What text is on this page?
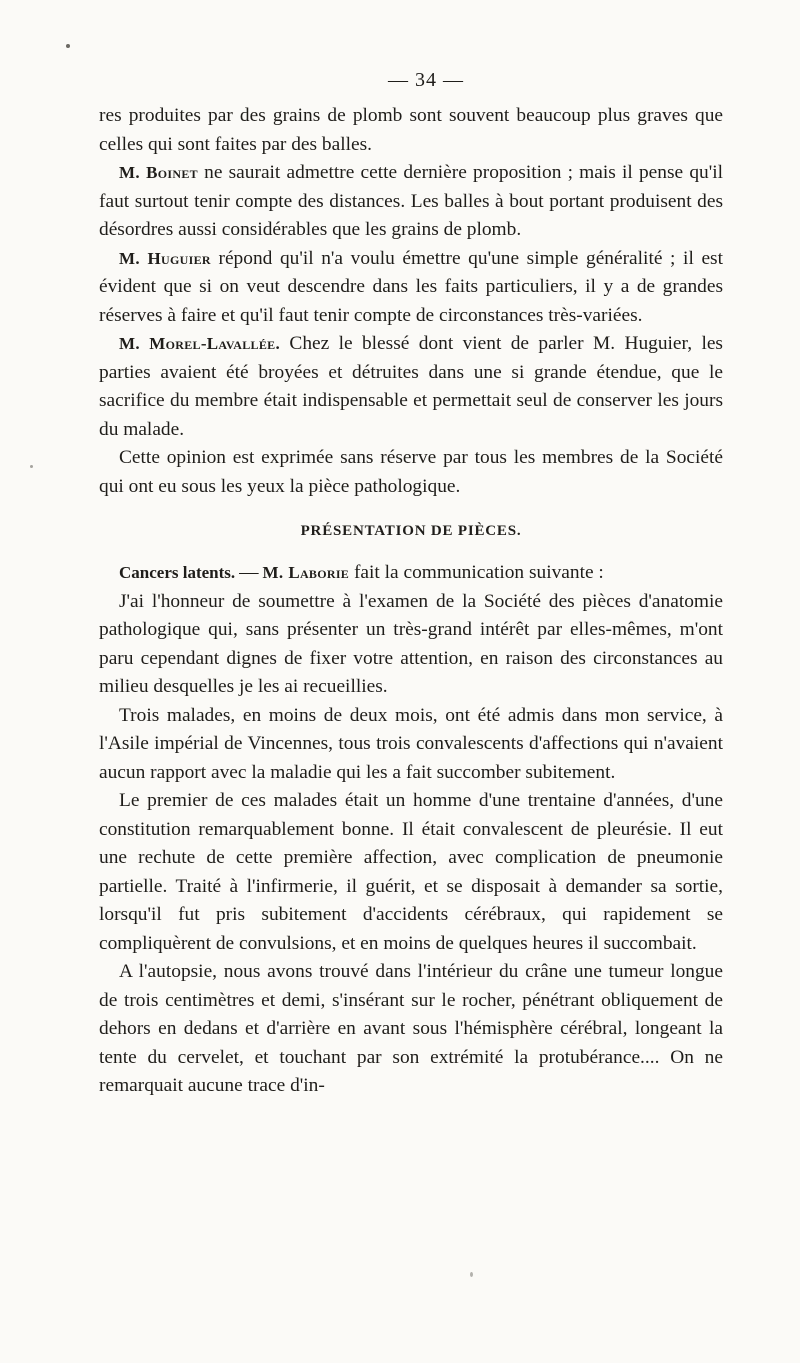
— 34 —

res produites par des grains de plomb sont souvent beaucoup plus graves que celles qui sont faites par des balles.

M. Boinet ne saurait admettre cette dernière proposition ; mais il pense qu'il faut surtout tenir compte des distances. Les balles à bout portant produisent des désordres aussi considérables que les grains de plomb.

M. Huguier répond qu'il n'a voulu émettre qu'une simple généralité ; il est évident que si on veut descendre dans les faits particuliers, il y a de grandes réserves à faire et qu'il faut tenir compte de circonstances très-variées.

M. Morel-Lavallée. Chez le blessé dont vient de parler M. Huguier, les parties avaient été broyées et détruites dans une si grande étendue, que le sacrifice du membre était indispensable et permettait seul de conserver les jours du malade.

Cette opinion est exprimée sans réserve par tous les membres de la Société qui ont eu sous les yeux la pièce pathologique.

PRÉSENTATION DE PIÈCES.

Cancers latents. — M. Laborie fait la communication suivante :

J'ai l'honneur de soumettre à l'examen de la Société des pièces d'anatomie pathologique qui, sans présenter un très-grand intérêt par elles-mêmes, m'ont paru cependant dignes de fixer votre attention, en raison des circonstances au milieu desquelles je les ai recueillies.

Trois malades, en moins de deux mois, ont été admis dans mon service, à l'Asile impérial de Vincennes, tous trois convalescents d'affections qui n'avaient aucun rapport avec la maladie qui les a fait succomber subitement.

Le premier de ces malades était un homme d'une trentaine d'années, d'une constitution remarquablement bonne. Il était convalescent de pleurésie. Il eut une rechute de cette première affection, avec complication de pneumonie partielle. Traité à l'infirmerie, il guérit, et se disposait à demander sa sortie, lorsqu'il fut pris subitement d'accidents cérébraux, qui rapidement se compliquèrent de convulsions, et en moins de quelques heures il succombait.

A l'autopsie, nous avons trouvé dans l'intérieur du crâne une tumeur longue de trois centimètres et demi, s'insérant sur le rocher, pénétrant obliquement de dehors en dedans et d'arrière en avant sous l'hémisphère cérébral, longeant la tente du cervelet, et touchant par son extrémité la protubérance.... On ne remarquait aucune trace d'in-
